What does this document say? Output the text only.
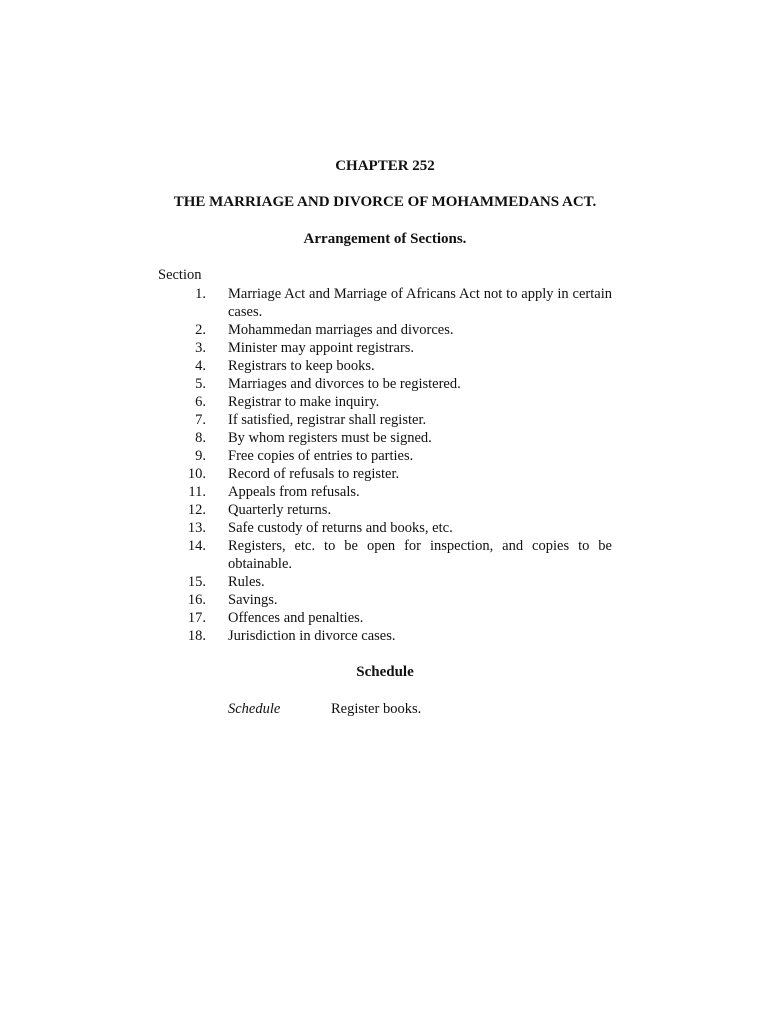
CHAPTER 252
THE MARRIAGE AND DIVORCE OF MOHAMMEDANS ACT.
Arrangement of Sections.
Section
1. Marriage Act and Marriage of Africans Act not to apply in certain cases.
2. Mohammedan marriages and divorces.
3. Minister may appoint registrars.
4. Registrars to keep books.
5. Marriages and divorces to be registered.
6. Registrar to make inquiry.
7. If satisfied, registrar shall register.
8. By whom registers must be signed.
9. Free copies of entries to parties.
10. Record of refusals to register.
11. Appeals from refusals.
12. Quarterly returns.
13. Safe custody of returns and books, etc.
14. Registers, etc. to be open for inspection, and copies to be obtainable.
15. Rules.
16. Savings.
17. Offences and penalties.
18. Jurisdiction in divorce cases.
Schedule
Schedule	Register books.
